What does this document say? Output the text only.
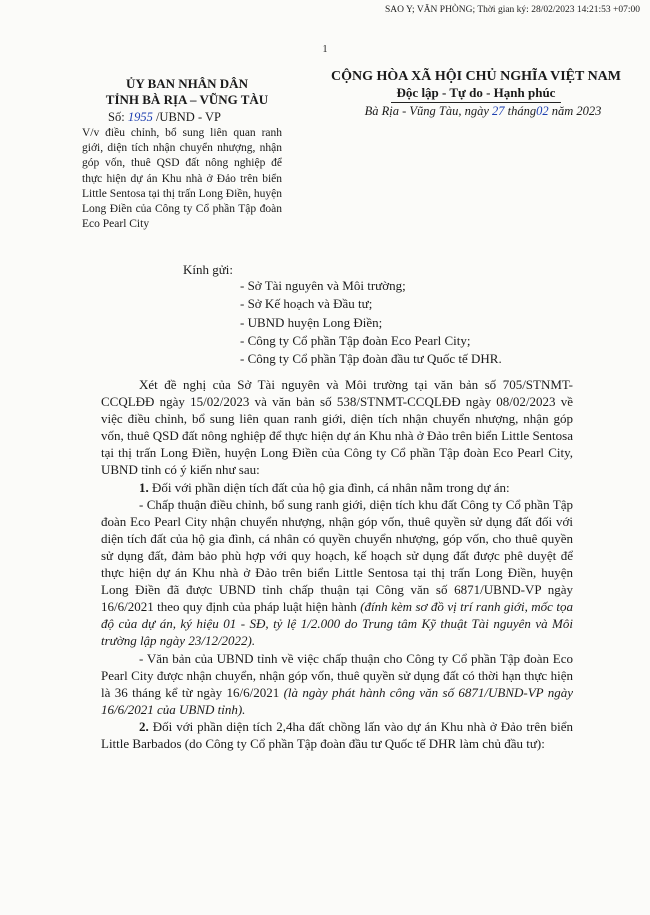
SAO Y; VĂN PHÒNG; Thời gian ký: 28/02/2023 14:21:53 +07:00
1
ỦY BAN NHÂN DÂN
TỈNH BÀ RỊA – VŨNG TÀU
Số: 1955 /UBND - VP
V/v điều chỉnh, bổ sung liên quan ranh giới, diện tích nhận chuyển nhượng, nhận góp vốn, thuê QSD đất nông nghiệp để thực hiện dự án Khu nhà ở Đảo trên biển Little Sentosa tại thị trấn Long Điền, huyện Long Điền của Công ty Cổ phần Tập đoàn Eco Pearl City
CỘNG HÒA XÃ HỘI CHỦ NGHĨA VIỆT NAM
Độc lập - Tự do - Hạnh phúc
Bà Rịa - Vũng Tàu, ngày 27 tháng02 năm 2023
Kính gửi:
- Sở Tài nguyên và Môi trường;
- Sở Kế hoạch và Đầu tư;
- UBND huyện Long Điền;
- Công ty Cổ phần Tập đoàn Eco Pearl City;
- Công ty Cổ phần Tập đoàn đầu tư Quốc tế DHR.

Xét đề nghị của Sở Tài nguyên và Môi trường tại văn bản số 705/STNMT-CCQLĐĐ ngày 15/02/2023 và văn bản số 538/STNMT-CCQLĐĐ ngày 08/02/2023 về việc điều chỉnh, bổ sung liên quan ranh giới, diện tích nhận chuyển nhượng, nhận góp vốn, thuê QSD đất nông nghiệp để thực hiện dự án Khu nhà ở Đảo trên biển Little Sentosa tại thị trấn Long Điền, huyện Long Điền của Công ty Cổ phần Tập đoàn Eco Pearl City, UBND tỉnh có ý kiến như sau:

1. Đối với phần diện tích đất của hộ gia đình, cá nhân nằm trong dự án:

- Chấp thuận điều chỉnh, bổ sung ranh giới, diện tích khu đất Công ty Cổ phần Tập đoàn Eco Pearl City nhận chuyển nhượng, nhận góp vốn, thuê quyền sử dụng đất đối với diện tích đất của hộ gia đình, cá nhân có quyền chuyển nhượng, góp vốn, cho thuê quyền sử dụng đất, đảm bảo phù hợp với quy hoạch, kế hoạch sử dụng đất được phê duyệt để thực hiện dự án Khu nhà ở Đảo trên biển Little Sentosa tại thị trấn Long Điền, huyện Long Điền đã được UBND tỉnh chấp thuận tại Công văn số 6871/UBND-VP ngày 16/6/2021 theo quy định của pháp luật hiện hành (đính kèm sơ đồ vị trí ranh giới, mốc tọa độ của dự án, ký hiệu 01 - SĐ, tỷ lệ 1/2.000 do Trung tâm Kỹ thuật Tài nguyên và Môi trường lập ngày 23/12/2022).

- Văn bản của UBND tỉnh về việc chấp thuận cho Công ty Cổ phần Tập đoàn Eco Pearl City được nhận chuyển, nhận góp vốn, thuê quyền sử dụng đất có thời hạn thực hiện là 36 tháng kể từ ngày 16/6/2021 (là ngày phát hành công văn số 6871/UBND-VP ngày 16/6/2021 của UBND tỉnh).

2. Đối với phần diện tích 2,4ha đất chồng lấn vào dự án Khu nhà ở Đảo trên biển Little Barbados (do Công ty Cổ phần Tập đoàn đầu tư Quốc tế DHR làm chủ đầu tư):
